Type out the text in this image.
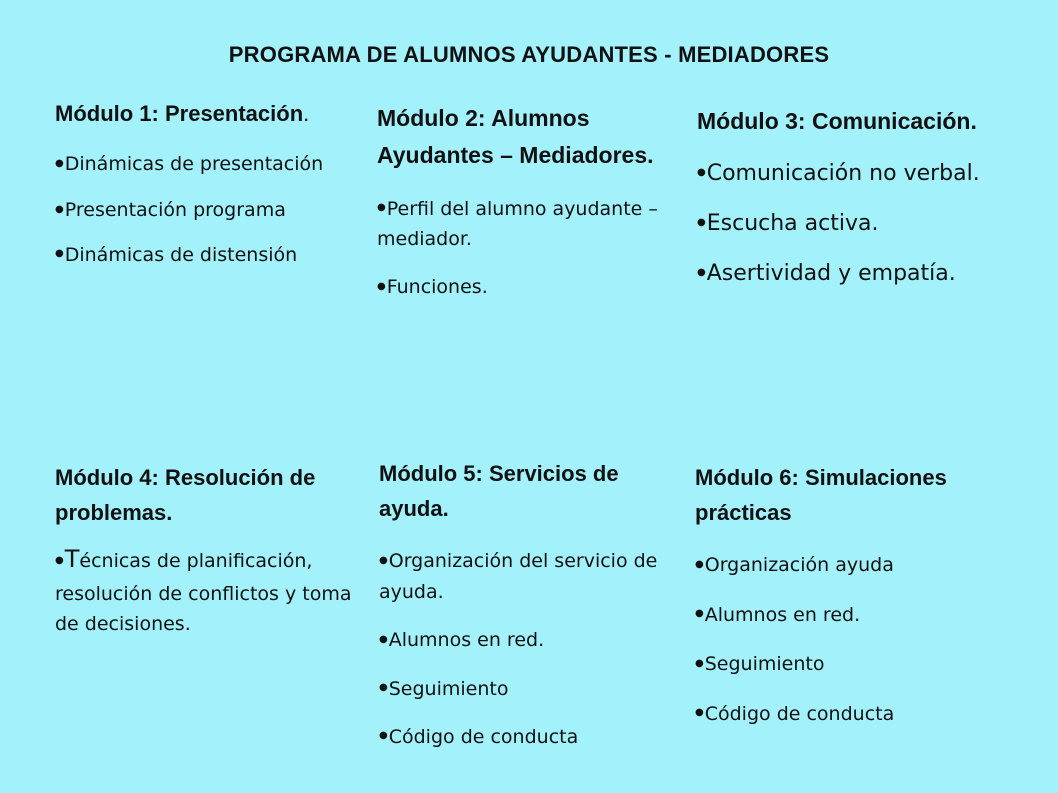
PROGRAMA DE ALUMNOS AYUDANTES - MEDIADORES
Módulo 1: Presentación.
●Dinámicas de presentación
●Presentación programa
●Dinámicas de distensión
Módulo 2: Alumnos Ayudantes – Mediadores.
●Perfil del alumno ayudante – mediador.
●Funciones.
Módulo 3: Comunicación.
●Comunicación no verbal.
●Escucha activa.
●Asertividad y empatía.
Módulo 4: Resolución de problemas.
●Técnicas de planificación, resolución de conflictos y toma de decisiones.
Módulo 5: Servicios de ayuda.
●Organización del servicio de ayuda.
●Alumnos en red.
●Seguimiento
●Código de conducta
Módulo 6: Simulaciones prácticas
●Organización ayuda
●Alumnos en red.
●Seguimiento
●Código de conducta
